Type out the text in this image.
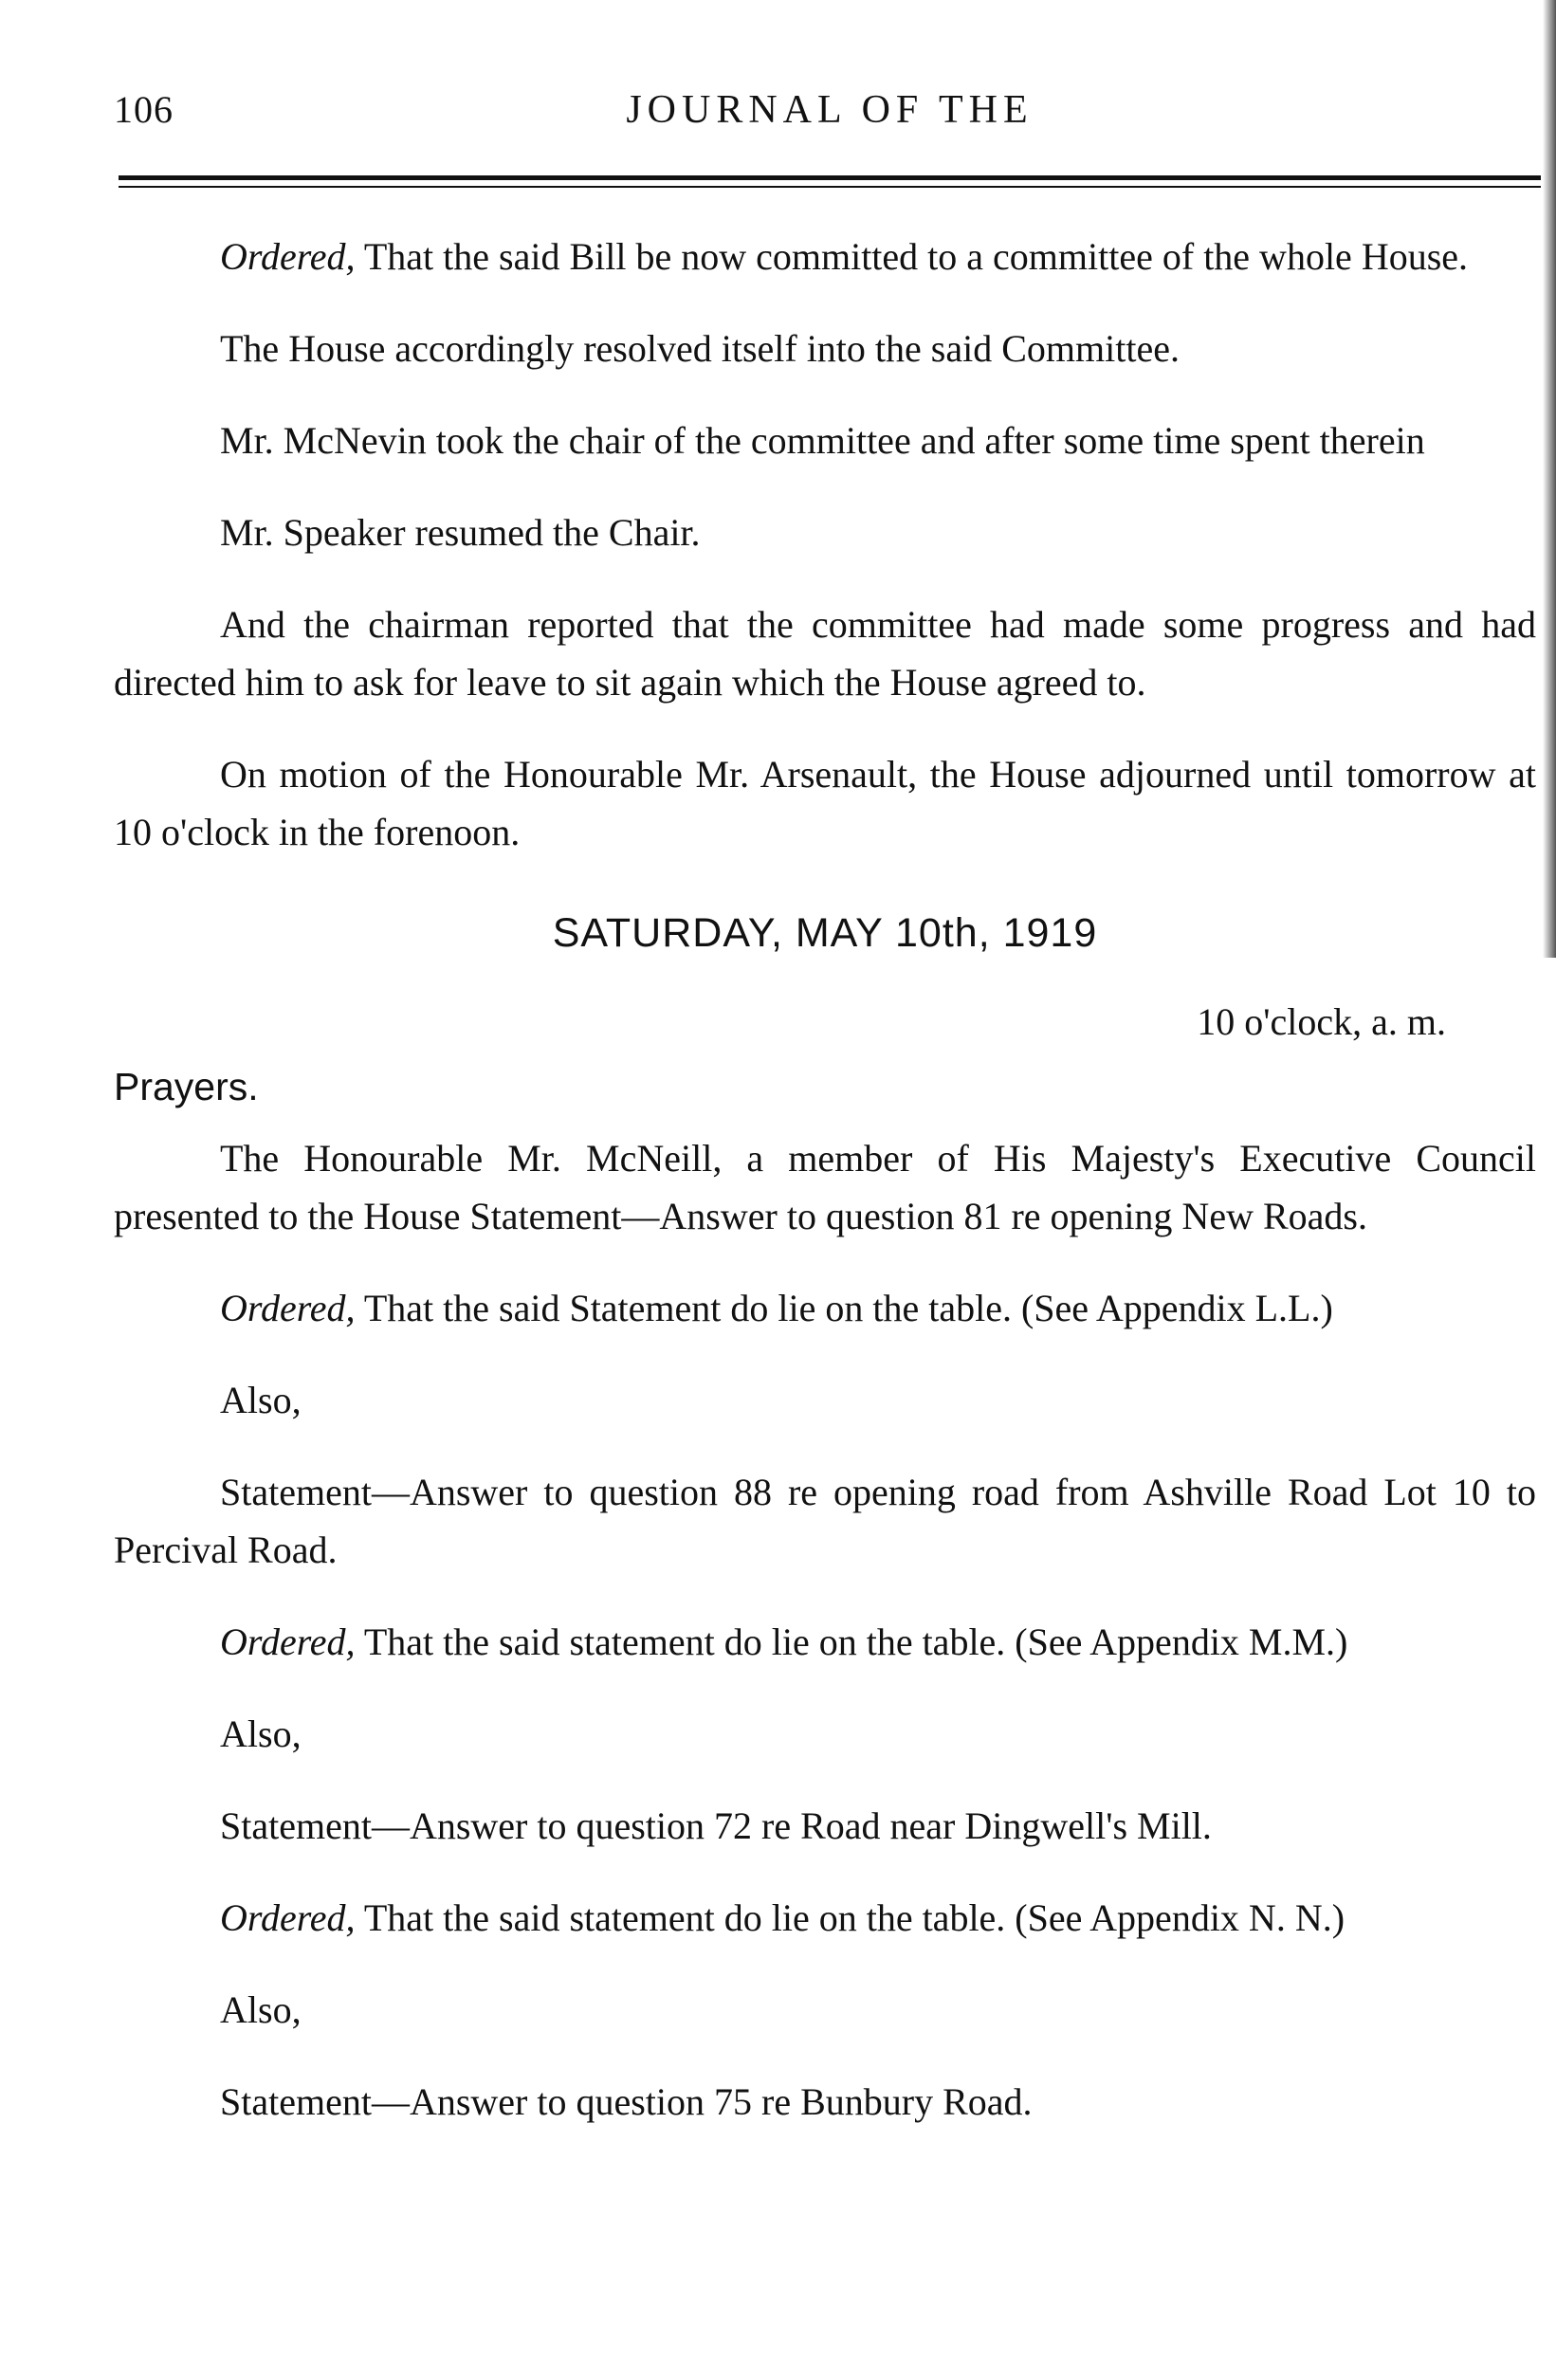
106	JOURNAL OF THE

Ordered, That the said Bill be now committed to a committee of the whole House.

The House accordingly resolved itself into the said Committee.

Mr. McNevin took the chair of the committee and after some time spent therein

Mr. Speaker resumed the Chair.

And the chairman reported that the committee had made some progress and had directed him to ask for leave to sit again which the House agreed to.

On motion of the Honourable Mr. Arsenault, the House adjourned until tomorrow at 10 o'clock in the forenoon.

SATURDAY, MAY 10th, 1919

10 o'clock, a. m.

Prayers.

The Honourable Mr. McNeill, a member of His Majesty's Executive Council presented to the House Statement—Answer to question 81 re opening New Roads.

Ordered, That the said Statement do lie on the table. (See Appendix L.L.)

Also,

Statement—Answer to question 88 re opening road from Ashville Road Lot 10 to Percival Road.

Ordered, That the said statement do lie on the table. (See Appendix M.M.)

Also,

Statement—Answer to question 72 re Road near Dingwell's Mill.

Ordered, That the said statement do lie on the table. (See Appendix N. N.)

Also,

Statement—Answer to question 75 re Bunbury Road.
